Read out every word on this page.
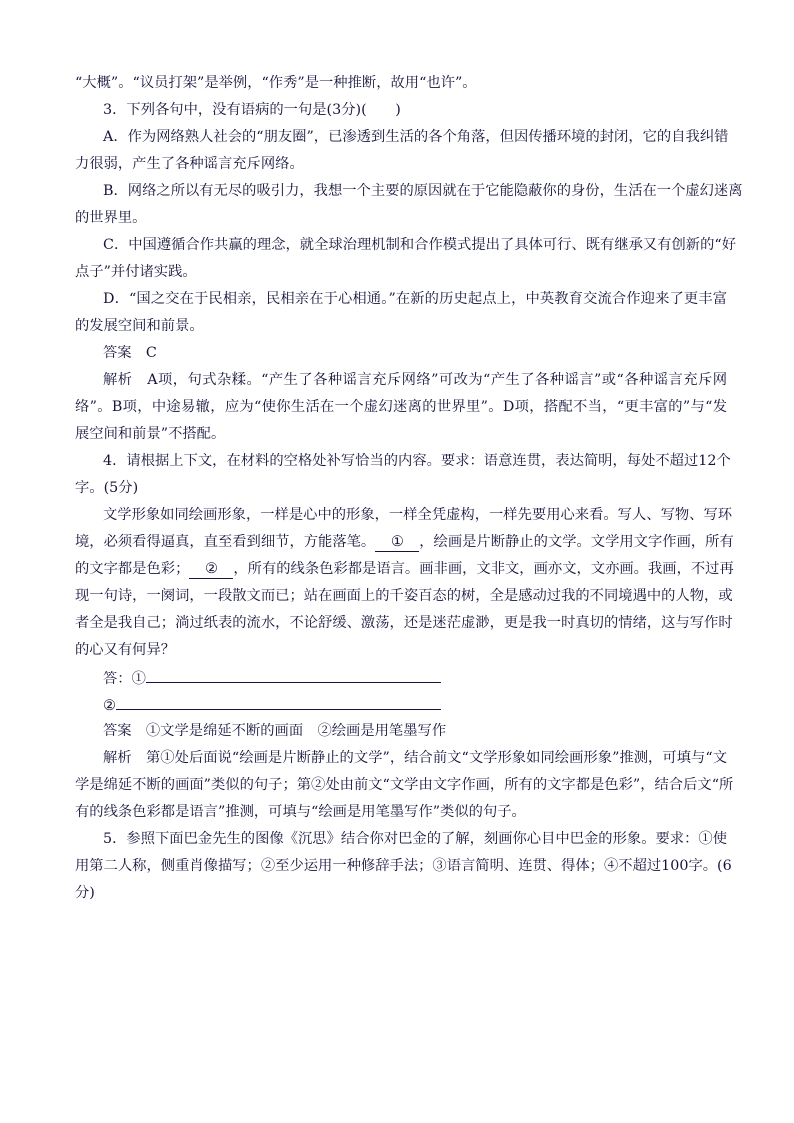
“大概”。“议员打架”是举例，“作秀”是一种推断，故用“也许”。
3．下列各句中，没有语病的一句是(3分)(　　)
A．作为网络熟人社会的“朋友圈”，已渗透到生活的各个角落，但因传播环境的封闭，它的自我纠错
力很弱，产生了各种谣言充斥网络。
B．网络之所以有无尽的吸引力，我想一个主要的原因就在于它能隐蔽你的身份，生活在一个虚幻迷离
的世界里。
C．中国遵循合作共赢的理念，就全球治理机制和合作模式提出了具体可行、既有继承又有创新的“好
点子”并付诸实践。
D．“国之交在于民相亲，民相亲在于心相通。”在新的历史起点上，中英教育交流合作迎来了更丰富
的发展空间和前景。
答案　C
解析　A项，句式杂糅。“产生了各种谣言充斥网络”可改为“产生了各种谣言”或“各种谣言充斥网
络”。B项，中途易辙，应为“使你生活在一个虚幻迷离的世界里”。D项，搭配不当，“更丰富的”与“发
展空间和前景”不搭配。
4．请根据上下文，在材料的空格处补写恰当的内容。要求：语意连贯，表达简明，每处不超过12个
字。(5分)
文学形象如同绘画形象，一样是心中的形象，一样全凭虚构，一样先要用心来看。写人、写物、写环
境，必须看得逼真，直至看到细节，方能落笔。 ① ，绘画是片断静止的文学。文学用文字作画，所有
的文字都是色彩； ② ，所有的线条色彩都是语言。画非画，文非文，画亦文，文亦画。我画，不过再
现一句诗，一阕词，一段散文而已；站在画面上的千姿百态的树，全是感动过我的不同境遇中的人物，或
者全是我自己；淌过纸表的流水，不论舒缓、激荡，还是迷茫虚渺，更是我一时真切的情绪，这与写作时
的心又有何异？
答：①
②
答案　①文学是绵延不断的画面　②绘画是用笔墨写作
解析　第①处后面说“绘画是片断静止的文学”，结合前文“文学形象如同绘画形象”推测，可填与“文
学是绵延不断的画面”类似的句子；第②处由前文“文学由文字作画，所有的文字都是色彩”，结合后文“所
有的线条色彩都是语言”推测，可填与“绘画是用笔墨写作”类似的句子。
5．参照下面巴金先生的图像《沉思》结合你对巴金的了解，刻画你心目中巴金的形象。要求：①使
用第二人称，侧重肖像描写；②至少运用一种修辞手法；③语言简明、连贯、得体；④不超过100字。(6
分)
